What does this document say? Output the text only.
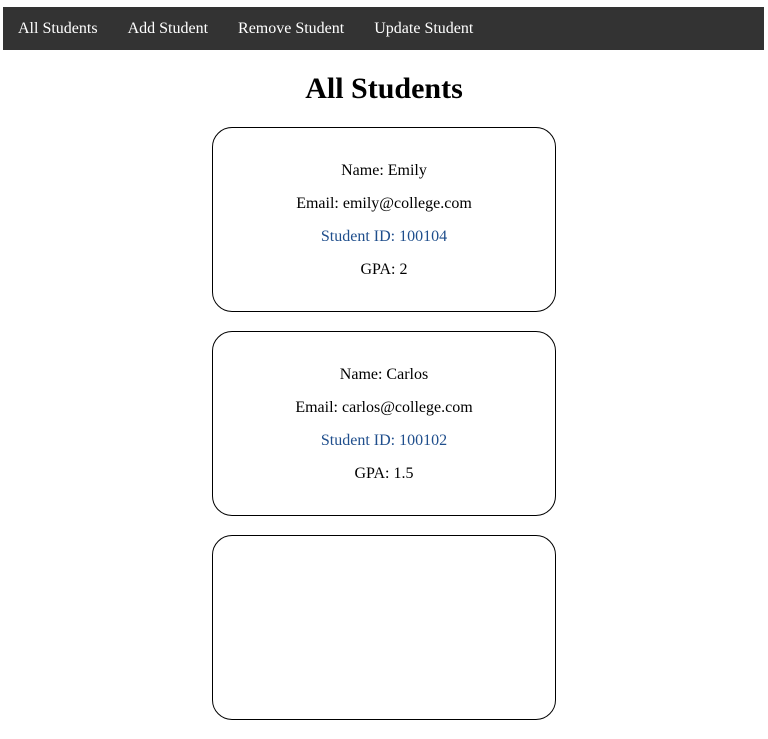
All Students	Add Student	Remove Student	Update Student
All Students

Name: Emily

Email: emily@college.com

Student ID: 100104

GPA: 2

Name: Carlos

Email: carlos@college.com

Student ID: 100102

GPA: 1.5
